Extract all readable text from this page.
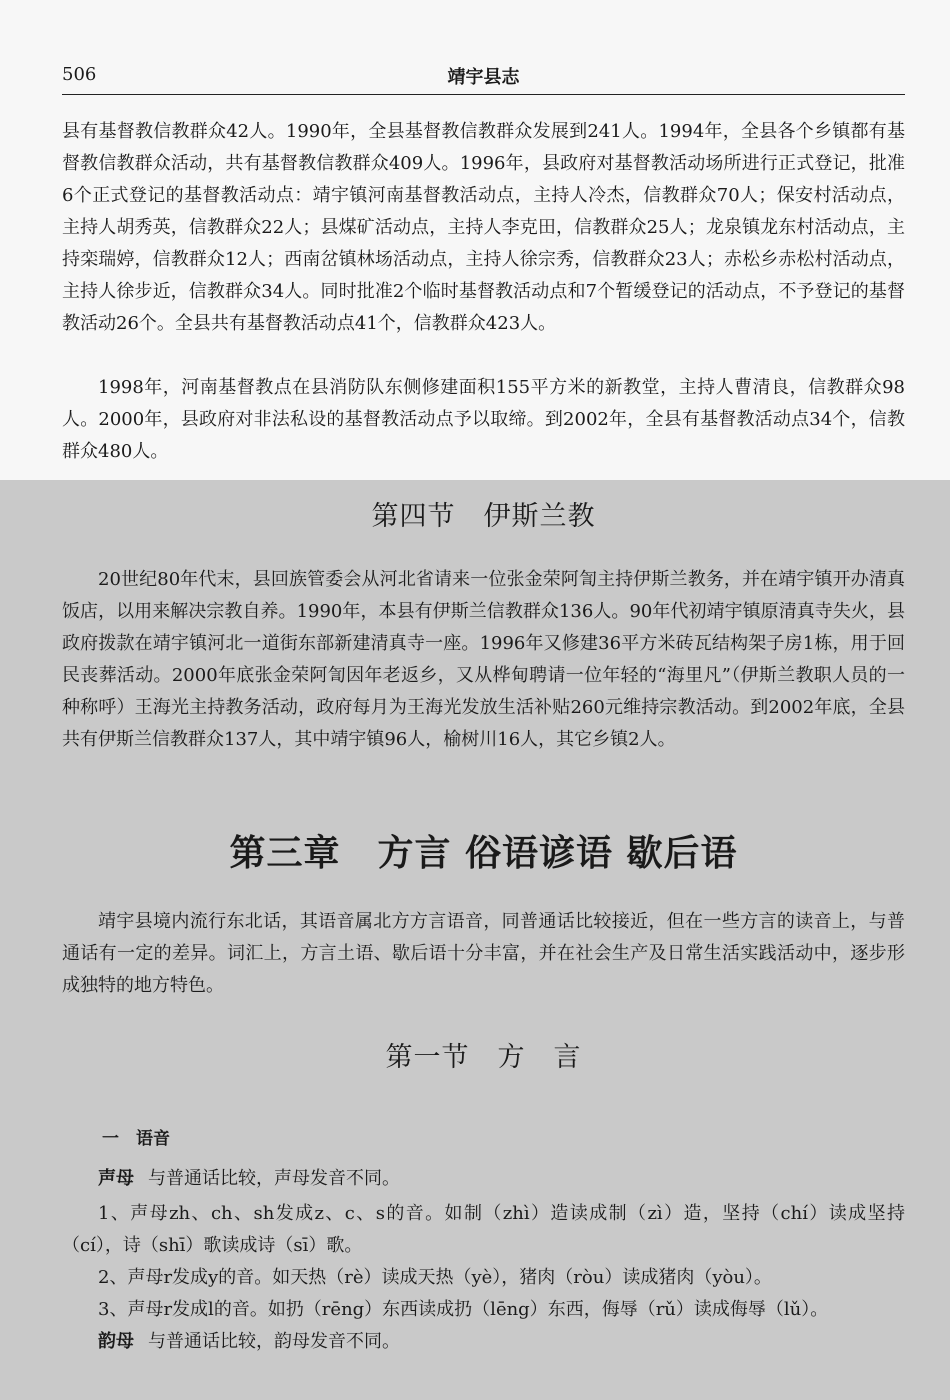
506	靖宇县志

县有基督教信教群众42人。1990年，全县基督教信教群众发展到241人。1994年，全县各个乡镇都有基督教信教群众活动，共有基督教信教群众409人。1996年，县政府对基督教活动场所进行正式登记，批准6个正式登记的基督教活动点：靖宇镇河南基督教活动点，主持人冷杰，信教群众70人；保安村活动点，主持人胡秀英，信教群众22人；县煤矿活动点，主持人李克田，信教群众25人；龙泉镇龙东村活动点，主持栾瑞婷，信教群众12人；西南岔镇林场活动点，主持人徐宗秀，信教群众23人；赤松乡赤松村活动点，主持人徐步近，信教群众34人。同时批准2个临时基督教活动点和7个暂缓登记的活动点，不予登记的基督教活动26个。全县共有基督教活动点41个，信教群众423人。

1998年，河南基督教点在县消防队东侧修建面积155平方米的新教堂，主持人曹清良，信教群众98人。2000年，县政府对非法私设的基督教活动点予以取缔。到2002年，全县有基督教活动点34个，信教群众480人。

第四节　伊斯兰教

20世纪80年代末，县回族管委会从河北省请来一位张金荣阿訇主持伊斯兰教务，并在靖宇镇开办清真饭店，以用来解决宗教自养。1990年，本县有伊斯兰信教群众136人。90年代初靖宇镇原清真寺失火，县政府拨款在靖宇镇河北一道街东部新建清真寺一座。1996年又修建36平方米砖瓦结构架子房1栋，用于回民丧葬活动。2000年底张金荣阿訇因年老返乡，又从桦甸聘请一位年轻的“海里凡”（伊斯兰教职人员的一种称呼）王海光主持教务活动，政府每月为王海光发放生活补贴260元维持宗教活动。到2002年底，全县共有伊斯兰信教群众137人，其中靖宇镇96人，榆树川16人，其它乡镇2人。

第三章　方言 俗语谚语 歇后语

靖宇县境内流行东北话，其语音属北方方言语音，同普通话比较接近，但在一些方言的读音上，与普通话有一定的差异。词汇上，方言土语、歇后语十分丰富，并在社会生产及日常生活实践活动中，逐步形成独特的地方特色。

第一节　方　言
一　语音

声母 与普通话比较，声母发音不同。

1、声母zh、ch、sh发成z、c、s的音。如制（zhì）造读成制（zì）造，坚持（chí）读成坚持（cí），诗（shī）歌读成诗（sī）歌。

2、声母r发成y的音。如天热（rè）读成天热（yè），猪肉（ròu）读成猪肉（yòu）。

3、声母r发成l的音。如扔（rēng）东西读成扔（lēng）东西，侮辱（rǔ）读成侮辱（lǔ）。

韵母 与普通话比较，韵母发音不同。
